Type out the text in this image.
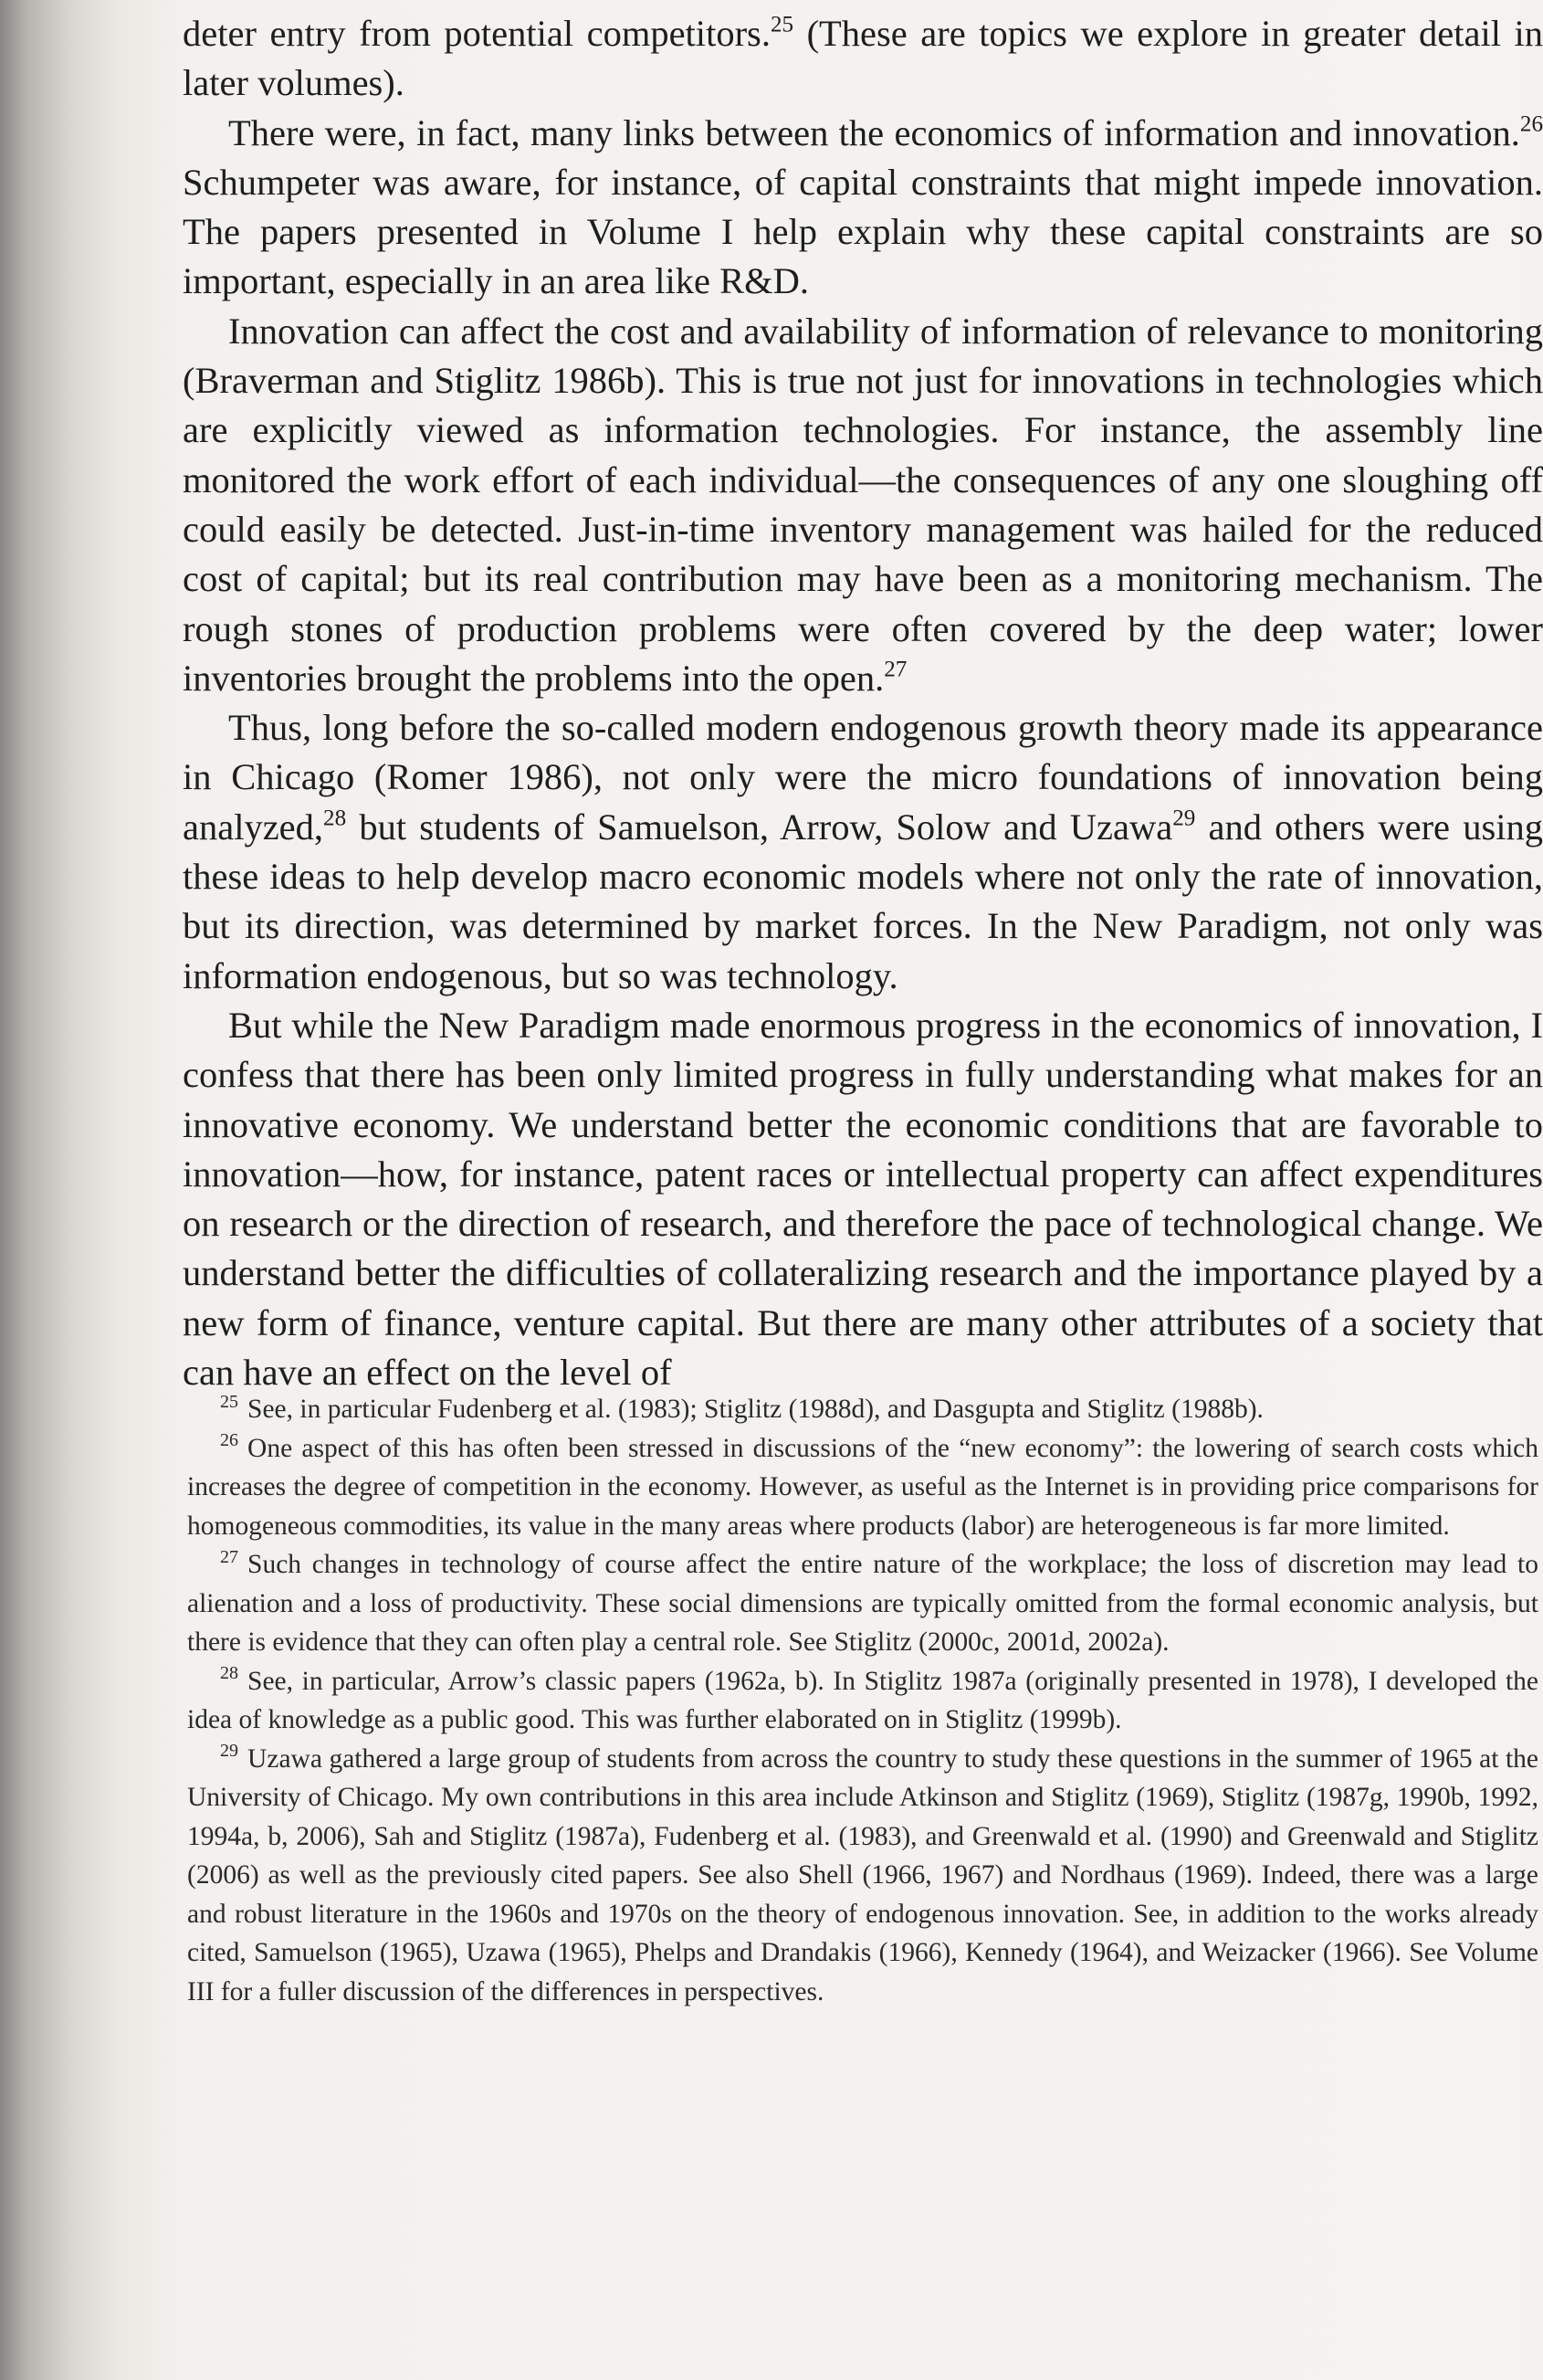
deter entry from potential competitors.$^{25}$ (These are topics we explore in greater detail in later volumes).

There were, in fact, many links between the economics of information and innovation.$^{26}$ Schumpeter was aware, for instance, of capital constraints that might impede innovation. The papers presented in Volume I help explain why these capital constraints are so important, especially in an area like R&D.

Innovation can affect the cost and availability of information of relevance to monitoring (Braverman and Stiglitz 1986b). This is true not just for innovations in technologies which are explicitly viewed as information technologies. For instance, the assembly line monitored the work effort of each individual—the consequences of any one sloughing off could easily be detected. Just-in-time inventory management was hailed for the reduced cost of capital; but its real contribution may have been as a monitoring mechanism. The rough stones of production problems were often covered by the deep water; lower inventories brought the problems into the open.$^{27}$

Thus, long before the so-called modern endogenous growth theory made its appearance in Chicago (Romer 1986), not only were the micro foundations of innovation being analyzed,$^{28}$ but students of Samuelson, Arrow, Solow and Uzawa$^{29}$ and others were using these ideas to help develop macro economic models where not only the rate of innovation, but its direction, was determined by market forces. In the New Paradigm, not only was information endogenous, but so was technology.

But while the New Paradigm made enormous progress in the economics of innovation, I confess that there has been only limited progress in fully understanding what makes for an innovative economy. We understand better the economic conditions that are favorable to innovation—how, for instance, patent races or intellectual property can affect expenditures on research or the direction of research, and therefore the pace of technological change. We understand better the difficulties of collateralizing research and the importance played by a new form of finance, venture capital. But there are many other attributes of a society that can have an effect on the level of

$^{25}$ See, in particular Fudenberg et al. (1983); Stiglitz (1988d), and Dasgupta and Stiglitz (1988b).

$^{26}$ One aspect of this has often been stressed in discussions of the “new economy”: the lowering of search costs which increases the degree of competition in the economy. However, as useful as the Internet is in providing price comparisons for homogeneous commodities, its value in the many areas where products (labor) are heterogeneous is far more limited.

$^{27}$ Such changes in technology of course affect the entire nature of the workplace; the loss of discretion may lead to alienation and a loss of productivity. These social dimensions are typically omitted from the formal economic analysis, but there is evidence that they can often play a central role. See Stiglitz (2000c, 2001d, 2002a).

$^{28}$ See, in particular, Arrow’s classic papers (1962a, b). In Stiglitz 1987a (originally presented in 1978), I developed the idea of knowledge as a public good. This was further elaborated on in Stiglitz (1999b).

$^{29}$ Uzawa gathered a large group of students from across the country to study these questions in the summer of 1965 at the University of Chicago. My own contributions in this area include Atkinson and Stiglitz (1969), Stiglitz (1987g, 1990b, 1992, 1994a, b, 2006), Sah and Stiglitz (1987a), Fudenberg et al. (1983), and Greenwald et al. (1990) and Greenwald and Stiglitz (2006) as well as the previously cited papers. See also Shell (1966, 1967) and Nordhaus (1969). Indeed, there was a large and robust literature in the 1960s and 1970s on the theory of endogenous innovation. See, in addition to the works already cited, Samuelson (1965), Uzawa (1965), Phelps and Drandakis (1966), Kennedy (1964), and Weizacker (1966). See Volume III for a fuller discussion of the differences in perspectives.
